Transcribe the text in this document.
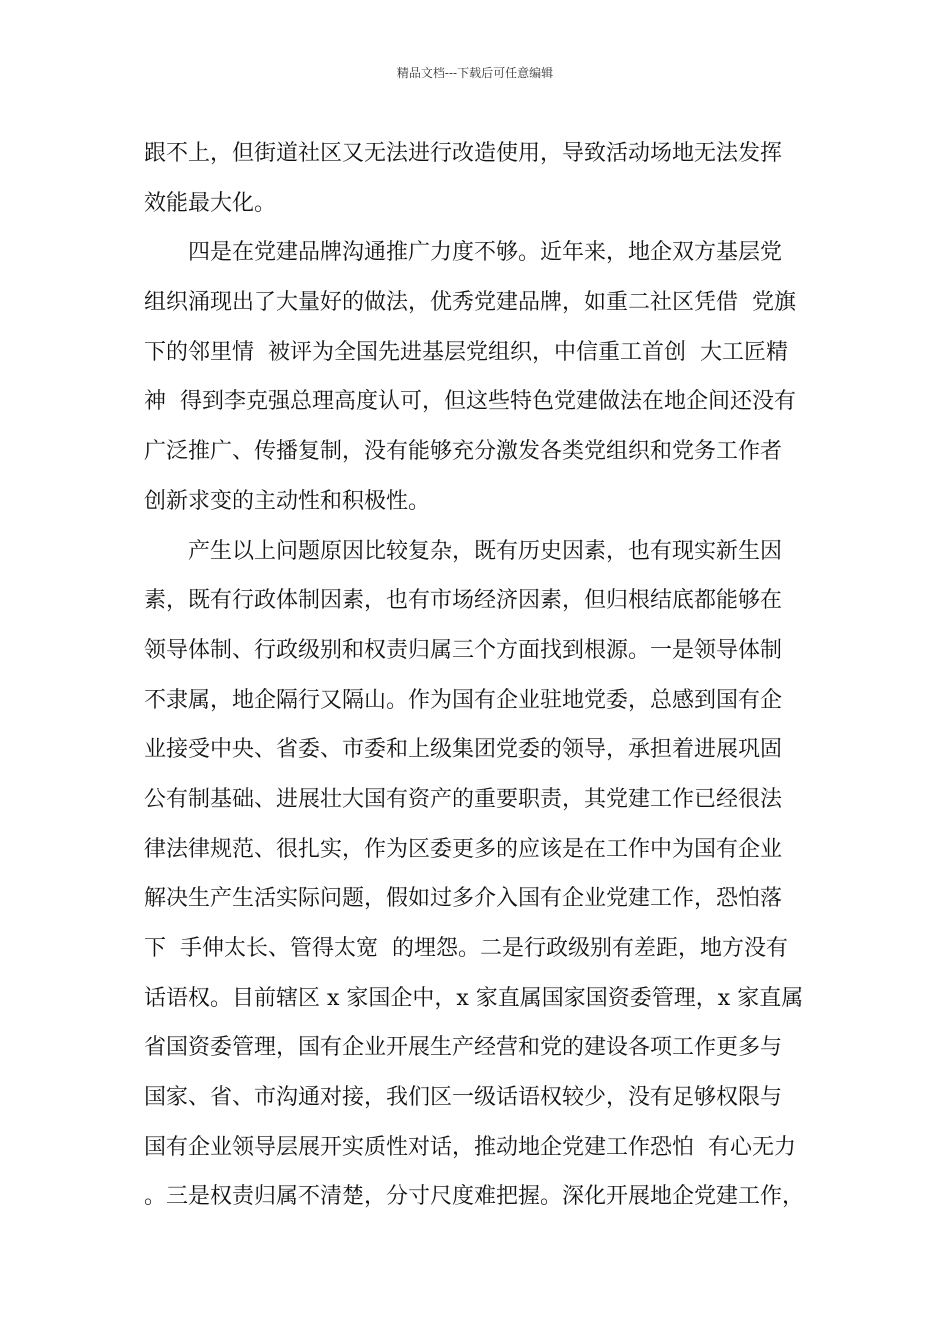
精品文档---下载后可任意编辑
跟不上，但街道社区又无法进行改造使用，导致活动场地无法发挥
效能最大化。
　　四是在党建品牌沟通推广力度不够。近年来，地企双方基层党
组织涌现出了大量好的做法，优秀党建品牌，如重二社区凭借  党旗
下的邻里情  被评为全国先进基层党组织，中信重工首创  大工匠精
神  得到李克强总理高度认可，但这些特色党建做法在地企间还没有
广泛推广、传播复制，没有能够充分激发各类党组织和党务工作者
创新求变的主动性和积极性。
　　产生以上问题原因比较复杂，既有历史因素，也有现实新生因
素，既有行政体制因素，也有市场经济因素，但归根结底都能够在
领导体制、行政级别和权责归属三个方面找到根源。一是领导体制
不隶属，地企隔行又隔山。作为国有企业驻地党委，总感到国有企
业接受中央、省委、市委和上级集团党委的领导，承担着进展巩固
公有制基础、进展壮大国有资产的重要职责，其党建工作已经很法
律法律规范、很扎实，作为区委更多的应该是在工作中为国有企业
解决生产生活实际问题，假如过多介入国有企业党建工作，恐怕落
下  手伸太长、管得太宽  的埋怨。二是行政级别有差距，地方没有
话语权。目前辖区 x 家国企中，x 家直属国家国资委管理，x 家直属
省国资委管理，国有企业开展生产经营和党的建设各项工作更多与
国家、省、市沟通对接，我们区一级话语权较少，没有足够权限与
国有企业领导层展开实质性对话，推动地企党建工作恐怕  有心无力
。三是权责归属不清楚，分寸尺度难把握。深化开展地企党建工作，
